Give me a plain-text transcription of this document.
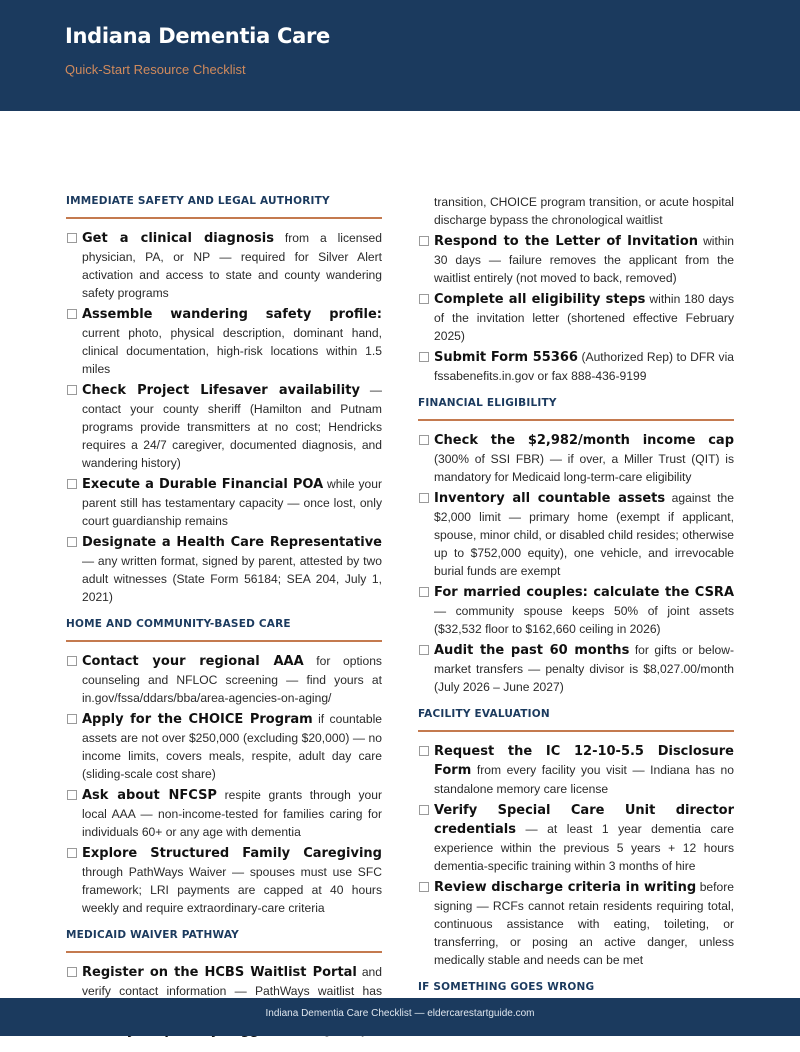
Indiana Dementia Care
Quick-Start Resource Checklist
IMMEDIATE SAFETY AND LEGAL AUTHORITY
Get a clinical diagnosis from a licensed physician, PA, or NP — required for Silver Alert activation and access to state and county wandering safety programs
Assemble wandering safety profile: current photo, physical description, dominant hand, clinical documentation, high-risk locations within 1.5 miles
Check Project Lifesaver availability — contact your county sheriff (Hamilton and Putnam programs provide transmitters at no cost; Hendricks requires a 24/7 caregiver, documented diagnosis, and wandering history)
Execute a Durable Financial POA while your parent still has testamentary capacity — once lost, only court guardianship remains
Designate a Health Care Representative — any written format, signed by parent, attested by two adult witnesses (State Form 56184; SEA 204, July 1, 2021)
HOME AND COMMUNITY-BASED CARE
Contact your regional AAA for options counseling and NFLOC screening — find yours at in.gov/fssa/ddars/bba/area-agencies-on-aging/
Apply for the CHOICE Program if countable assets are not over $250,000 (excluding $20,000) — no income limits, covers meals, respite, adult day care (sliding-scale cost share)
Ask about NFCSP respite grants through your local AAA — non-income-tested for families caring for individuals 60+ or any age with dementia
Explore Structured Family Caregiving through PathWays Waiver — spouses must use SFC framework; LRI payments are capped at 40 hours weekly and require extraordinary-care criteria
MEDICAID WAIVER PATHWAY
Register on the HCBS Waitlist Portal and verify contact information — PathWays waitlist has
transition, CHOICE program transition, or acute hospital discharge bypass the chronological waitlist
Respond to the Letter of Invitation within 30 days — failure removes the applicant from the waitlist entirely (not moved to back, removed)
Complete all eligibility steps within 180 days of the invitation letter (shortened effective February 2025)
Submit Form 55366 (Authorized Rep) to DFR via fssabenefits.in.gov or fax 888-436-9199
FINANCIAL ELIGIBILITY
Check the $2,982/month income cap (300% of SSI FBR) — if over, a Miller Trust (QIT) is mandatory for Medicaid long-term-care eligibility
Inventory all countable assets against the $2,000 limit — primary home (exempt if applicant, spouse, minor child, or disabled child resides; otherwise up to $752,000 equity), one vehicle, and irrevocable burial funds are exempt
For married couples: calculate the CSRA — community spouse keeps 50% of joint assets ($32,532 floor to $162,660 ceiling in 2026)
Audit the past 60 months for gifts or below-market transfers — penalty divisor is $8,027.00/month (July 2026 – June 2027)
FACILITY EVALUATION
Request the IC 12-10-5.5 Disclosure Form from every facility you visit — Indiana has no standalone memory care license
Verify Special Care Unit director credentials — at least 1 year dementia care experience within the previous 5 years + 12 hours dementia-specific training within 3 months of hire
Review discharge criteria in writing before signing — RCFs cannot retain residents requiring total, continuous assistance with eating, toileting, or transferring, or posing an active danger, unless medically stable and needs can be met
IF SOMETHING GOES WRONG
Indiana Dementia Care Checklist — eldercarestartguide.com
